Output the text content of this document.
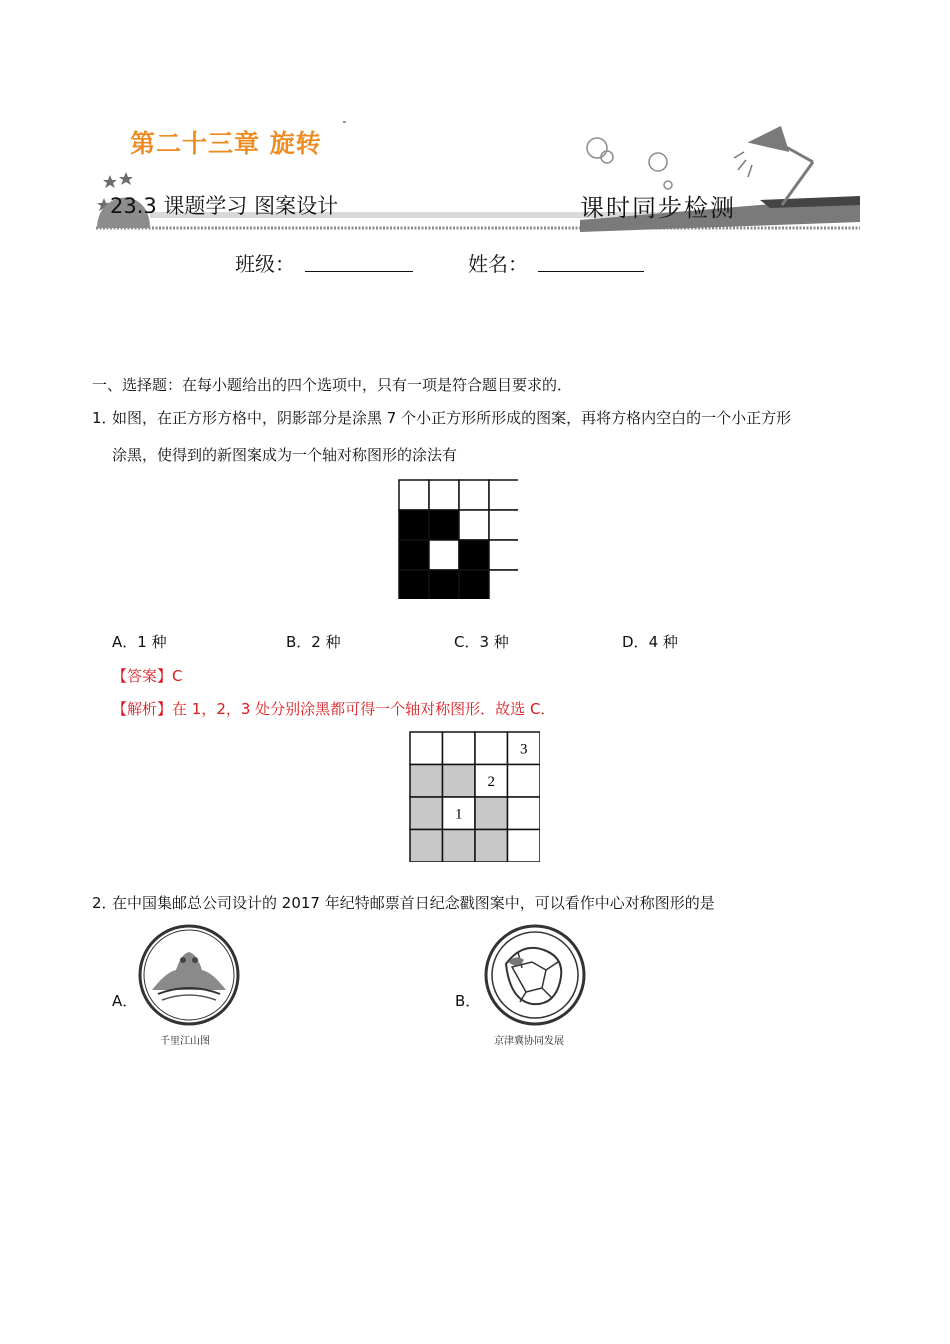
第二十三章 旋转
23.3 课题学习 图案设计	课时同步检测
班级：	姓名：
一、选择题：在每小题给出的四个选项中，只有一项是符合题目要求的．
1．
如图，在正方形方格中，阴影部分是涂黑 7 个小正方形所形成的图案，再将方格内空白的一个小正方形
涂黑，使得到的新图案成为一个轴对称图形的涂法有
A．1 种	B．2 种	C．3 种	D．4 种
【答案】C
【解析】在 1，2，3 处分别涂黑都可得一个轴对称图形．故选 C．
3
2
1
2．
在中国集邮总公司设计的 2017 年纪特邮票首日纪念戳图案中，可以看作中心对称图形的是
A．
千里江山图
B．
京津冀协同发展
